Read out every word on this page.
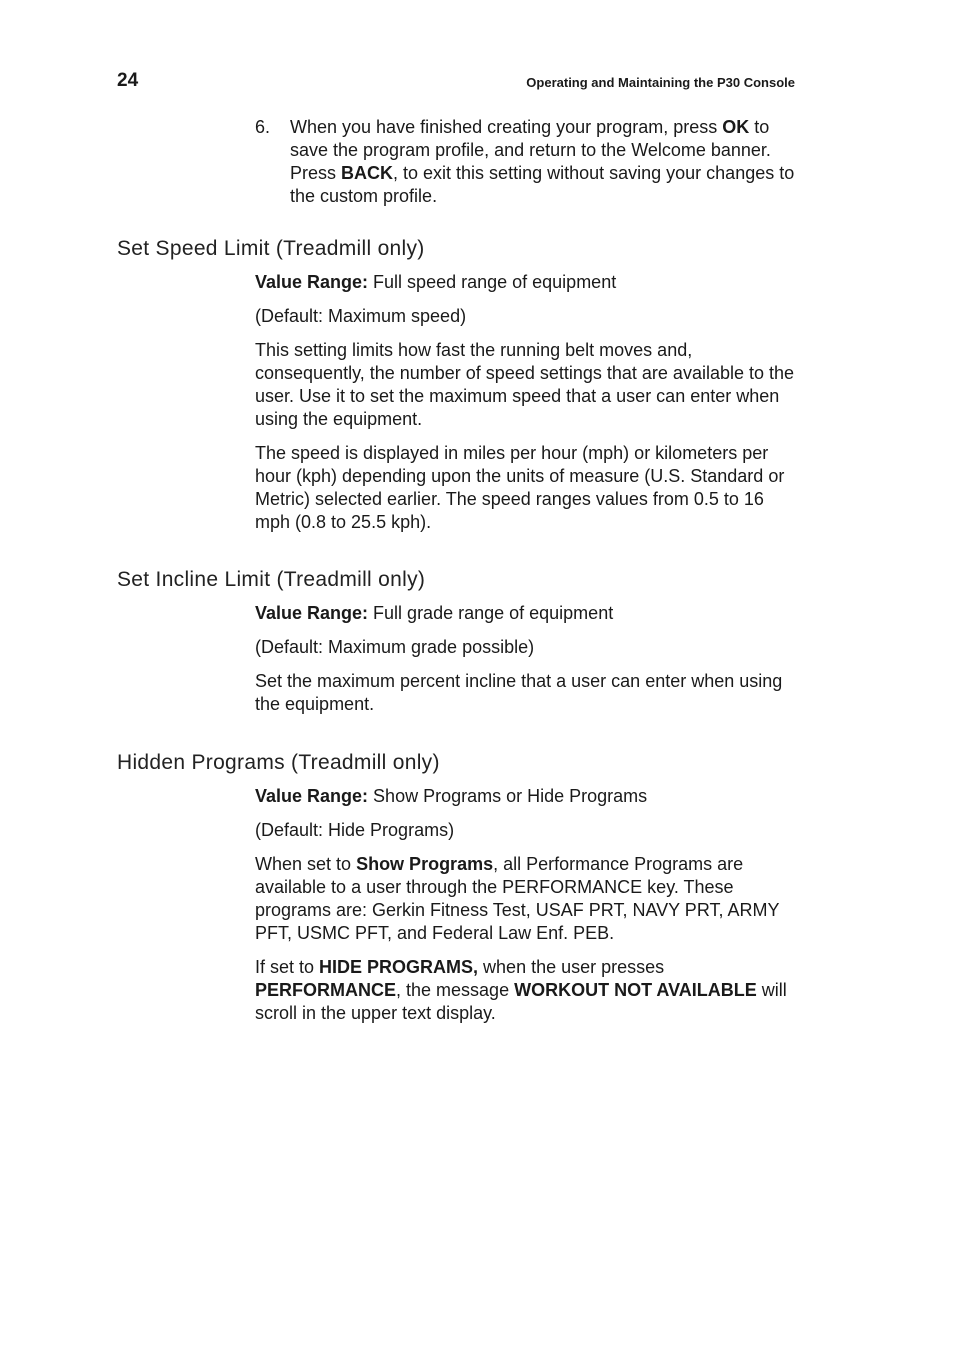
24	Operating and Maintaining the P30 Console
6. When you have finished creating your program, press OK to save the program profile, and return to the Welcome banner. Press BACK, to exit this setting without saving your changes to the custom profile.
Set Speed Limit (Treadmill only)

Value Range: Full speed range of equipment

(Default: Maximum speed)

This setting limits how fast the running belt moves and, consequently, the number of speed settings that are available to the user. Use it to set the maximum speed that a user can enter when using the equipment.

The speed is displayed in miles per hour (mph) or kilometers per hour (kph) depending upon the units of measure (U.S. Standard or Metric) selected earlier. The speed ranges values from 0.5 to 16 mph (0.8 to 25.5 kph).

Set Incline Limit (Treadmill only)

Value Range: Full grade range of equipment

(Default: Maximum grade possible)

Set the maximum percent incline that a user can enter when using the equipment.

Hidden Programs (Treadmill only)

Value Range: Show Programs or Hide Programs

(Default: Hide Programs)

When set to Show Programs, all Performance Programs are available to a user through the PERFORMANCE key. These programs are: Gerkin Fitness Test, USAF PRT, NAVY PRT, ARMY PFT, USMC PFT, and Federal Law Enf. PEB.

If set to HIDE PROGRAMS, when the user presses PERFORMANCE, the message WORKOUT NOT AVAILABLE will scroll in the upper text display.
